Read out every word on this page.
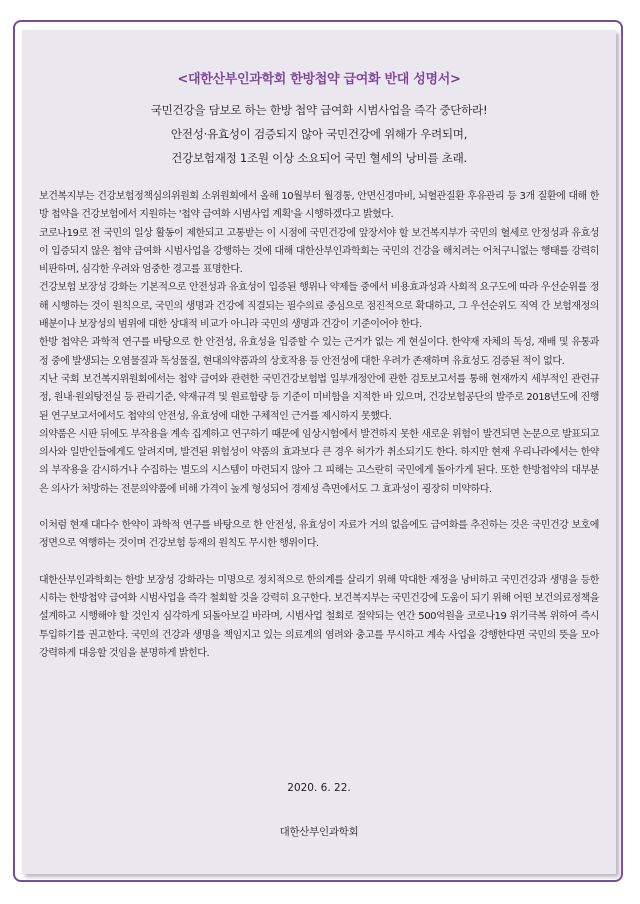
<대한산부인과학회 한방첩약 급여화 반대 성명서>
국민건강을 담보로 하는 한방 첩약 급여화 시범사업을 즉각 중단하라!
안전성·유효성이 검증되지 않아 국민건강에 위해가 우려되며,
건강보험재정 1조원 이상 소요되어 국민 혈세의 낭비를 초래.

보건복지부는 건강보험정책심의위원회 소위원회에서 올해 10월부터 월경통, 안면신경마비, 뇌혈관질환 후유관리 등 3개 질환에 대해 한방 첩약을 건강보험에서 지원하는 '첩약 급여화 시범사업 계획'을 시행하겠다고 밝혔다.

코로나19로 전 국민의 일상 활동이 제한되고 고통받는 이 시점에 국민건강에 앞장서야 할 보건복지부가 국민의 혈세로 안정성과 유효성이 입증되지 않은 첩약 급여화 시범사업을 강행하는 것에 대해 대한산부인과학회는 국민의 건강을 해치려는 어처구니없는 행태를 강력히 비판하며, 심각한 우려와 엄중한 경고를 표명한다.

건강보험 보장성 강화는 기본적으로 안전성과 유효성이 입증된 행위나 약제들 중에서 비용효과성과 사회적 요구도에 따라 우선순위를 정해 시행하는 것이 원칙으로, 국민의 생명과 건강에 직결되는 필수의료 중심으로 점진적으로 확대하고, 그 우선순위도 직역 간 보험재정의 배분이나 보장성의 범위에 대한 상대적 비교가 아니라 국민의 생명과 건강이 기준이어야 한다.

한방 첩약은 과학적 연구를 바탕으로 한 안전성, 유효성을 입증할 수 있는 근거가 없는 게 현실이다. 한약재 자체의 독성, 재배 및 유통과정 중에 발생되는 오염물질과 독성물질, 현대의약품과의 상호작용 등 안전성에 대한 우려가 존재하며 유효성도 검증된 적이 없다.

지난 국회 보건복지위원회에서는 첩약 급여와 관련한 국민건강보험법 일부개정안에 관한 검토보고서를 통해 현재까지 세부적인 관련규정, 원내·원외탕전실 등 관리기준, 약재규격 및 원료함량 등 기준이 미비함을 지적한 바 있으며, 건강보험공단의 발주로 2018년도에 진행된 연구보고서에서도 첩약의 안전성, 유효성에 대한 구체적인 근거를 제시하지 못했다.

의약품은 시판 뒤에도 부작용을 계속 집계하고 연구하기 때문에 임상시험에서 발견하지 못한 새로운 위험이 발견되면 논문으로 발표되고 의사와 일반인들에게도 알려지며, 발견된 위험성이 약품의 효과보다 큰 경우 허가가 취소되기도 한다. 하지만 현재 우리나라에서는 한약의 부작용을 감시하거나 수집하는 별도의 시스템이 마련되지 않아 그 피해는 고스란히 국민에게 돌아가게 된다. 또한 한방첩약의 대부분은 의사가 처방하는 전문의약품에 비해 가격이 높게 형성되어 경제성 측면에서도 그 효과성이 굉장히 미약하다.

이처럼 현재 대다수 한약이 과학적 연구를 바탕으로 한 안전성, 유효성이 자료가 거의 없음에도 급여화를 추진하는 것은 국민건강 보호에 정면으로 역행하는 것이며 건강보험 등재의 원칙도 무시한 행위이다.

대한산부인과학회는 한방 보장성 강화라는 미명으로 정치적으로 한의계를 살리기 위해 막대한 재정을 낭비하고 국민건강과 생명을 등한시하는 한방첩약 급여화 시범사업을 즉각 철회할 것을 강력히 요구한다. 보건복지부는 국민건강에 도움이 되기 위해 어떤 보건의료정책을 설계하고 시행해야 할 것인지 심각하게 되돌아보길 바라며, 시범사업 철회로 절약되는 연간 500억원을 코로나19 위기극복 위하여 즉시 투입하기를 권고한다. 국민의 건강과 생명을 책임지고 있는 의료계의 염려와 충고를 무시하고 계속 사업을 강행한다면 국민의 뜻을 모아 강력하게 대응할 것임을 분명하게 밝힌다.

2020. 6. 22.
대한산부인과학회
